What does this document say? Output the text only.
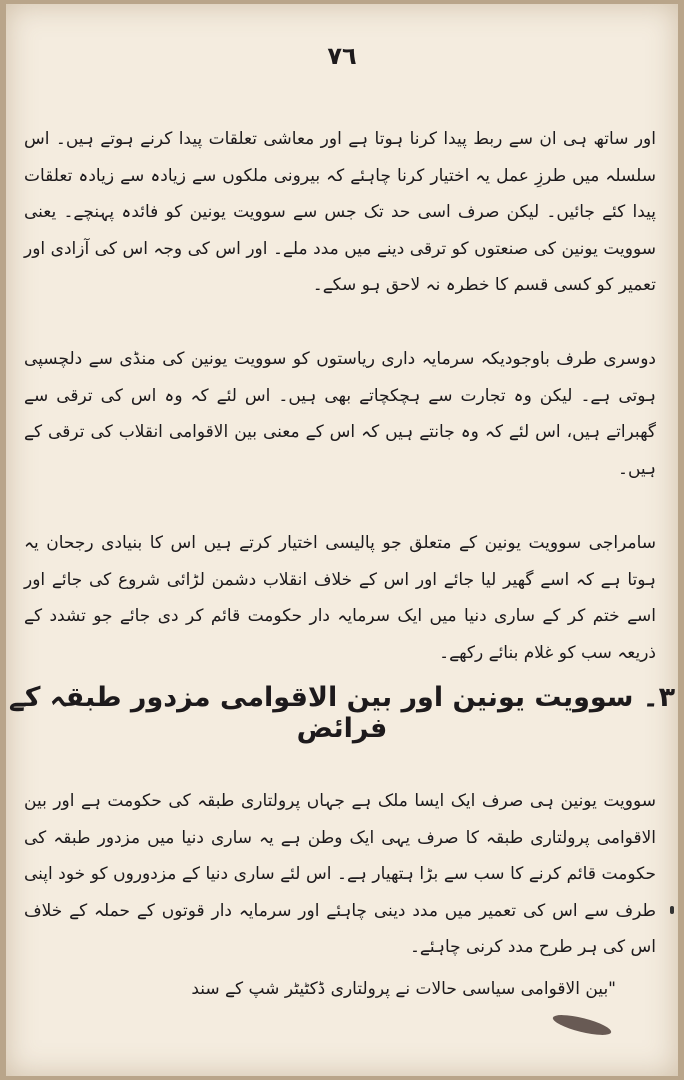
٧٦

اور ساتھ ہی ان سے ربط پیدا کرنا ہوتا ہے اور معاشی تعلقات پیدا کرنے ہوتے ہیں۔ اس سلسلہ میں طرزِ عمل یہ اختیار کرنا چاہئے کہ بیرونی ملکوں سے زیادہ سے زیادہ تعلقات پیدا کئے جائیں۔ لیکن صرف اسی حد تک جس سے سوویت یونین کو فائدہ پہنچے۔ یعنی سوویت یونین کی صنعتوں کو ترقی دینے میں مدد ملے۔ اور اس کی وجہ اس کی آزادی اور تعمیر کو کسی قسم کا خطرہ نہ لاحق ہو سکے۔

دوسری طرف باوجودیکہ سرمایہ داری ریاستوں کو سوویت یونین کی منڈی سے دلچسپی ہوتی ہے۔ لیکن وہ تجارت سے ہچکچاتے بھی ہیں۔ اس لئے کہ وہ اس کی ترقی سے گھبراتے ہیں، اس لئے کہ وہ جانتے ہیں کہ اس کے معنی بین الاقوامی انقلاب کی ترقی کے ہیں۔

سامراجی سوویت یونین کے متعلق جو پالیسی اختیار کرتے ہیں اس کا بنیادی رجحان یہ ہوتا ہے کہ اسے گھیر لیا جائے اور اس کے خلاف انقلاب دشمن لڑائی شروع کی جائے اور اسے ختم کر کے ساری دنیا میں ایک سرمایہ دار حکومت قائم کر دی جائے جو تشدد کے ذریعہ سب کو غلام بنائے رکھے۔

۳۔ سوویت یونین اور بین الاقوامی مزدور طبقہ کے فرائض

سوویت یونین ہی صرف ایک ایسا ملک ہے جہاں پرولتاری طبقہ کی حکومت ہے اور بین الاقوامی پرولتاری طبقہ کا صرف یہی ایک وطن ہے یہ ساری دنیا میں مزدور طبقہ کی حکومت قائم کرنے کا سب سے بڑا ہتھیار ہے۔ اس لئے ساری دنیا کے مزدوروں کو خود اپنی طرف سے اس کی تعمیر میں مدد دینی چاہئے اور سرمایہ دار قوتوں کے حملہ کے خلاف اس کی ہر طرح مدد کرنی چاہئے۔

"بین الاقوامی سیاسی حالات نے پرولتاری ڈکٹیٹر شپ کے سند
